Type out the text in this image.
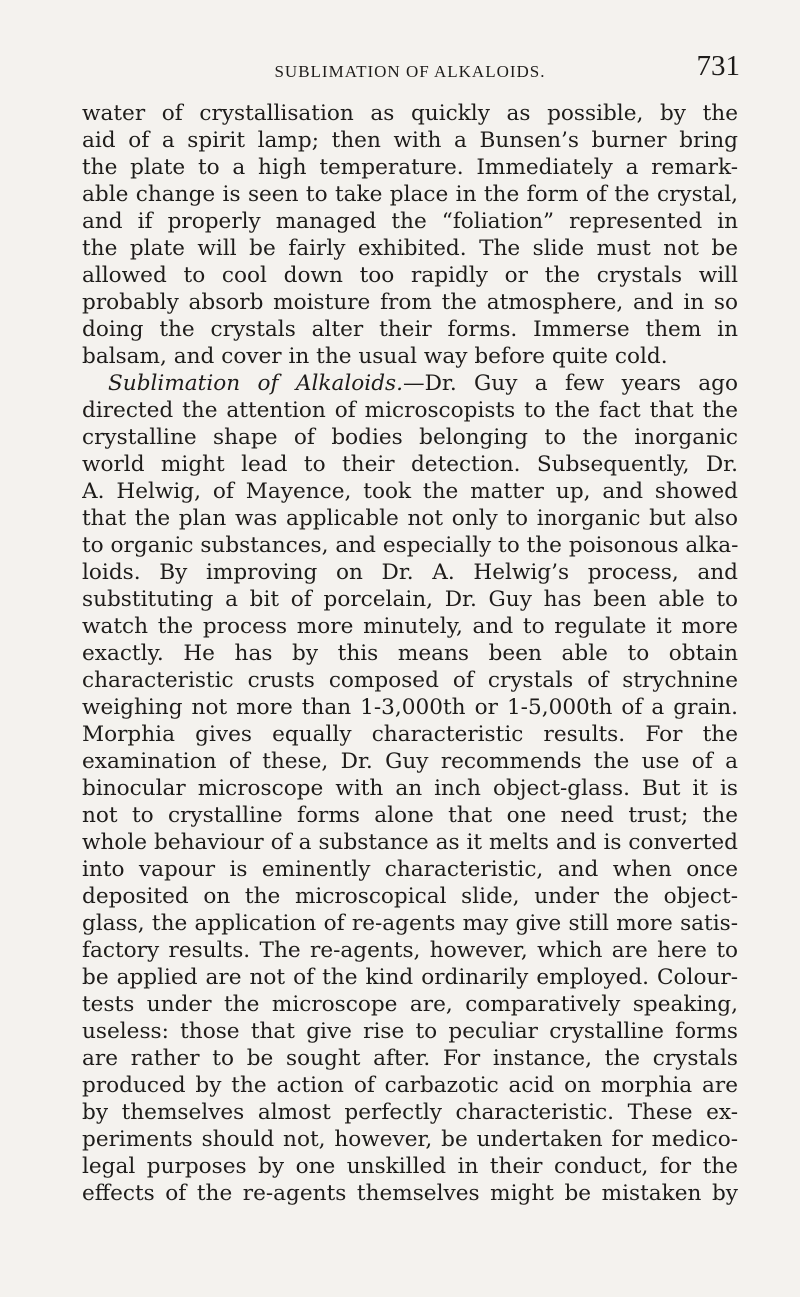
SUBLIMATION OF ALKALOIDS.	731
water of crystallisation as quickly as possible, by the
aid of a spirit lamp; then with a Bunsen’s burner bring
the plate to a high temperature. Immediately a remark-
able change is seen to take place in the form of the crystal,
and if properly managed the “foliation” represented in
the plate will be fairly exhibited. The slide must not be
allowed to cool down too rapidly or the crystals will
probably absorb moisture from the atmosphere, and in so
doing the crystals alter their forms. Immerse them in
balsam, and cover in the usual way before quite cold.
Sublimation of Alkaloids.—Dr. Guy a few years ago
directed the attention of microscopists to the fact that the
crystalline shape of bodies belonging to the inorganic
world might lead to their detection. Subsequently, Dr.
A. Helwig, of Mayence, took the matter up, and showed
that the plan was applicable not only to inorganic but also
to organic substances, and especially to the poisonous alka-
loids. By improving on Dr. A. Helwig’s process, and
substituting a bit of porcelain, Dr. Guy has been able to
watch the process more minutely, and to regulate it more
exactly. He has by this means been able to obtain
characteristic crusts composed of crystals of strychnine
weighing not more than 1-3,000th or 1-5,000th of a grain.
Morphia gives equally characteristic results. For the
examination of these, Dr. Guy recommends the use of a
binocular microscope with an inch object-glass. But it is
not to crystalline forms alone that one need trust; the
whole behaviour of a substance as it melts and is converted
into vapour is eminently characteristic, and when once
deposited on the microscopical slide, under the object-
glass, the application of re-agents may give still more satis-
factory results. The re-agents, however, which are here to
be applied are not of the kind ordinarily employed. Colour-
tests under the microscope are, comparatively speaking,
useless: those that give rise to peculiar crystalline forms
are rather to be sought after. For instance, the crystals
produced by the action of carbazotic acid on morphia are
by themselves almost perfectly characteristic. These ex-
periments should not, however, be undertaken for medico-
legal purposes by one unskilled in their conduct, for the
effects of the re-agents themselves might be mistaken by
